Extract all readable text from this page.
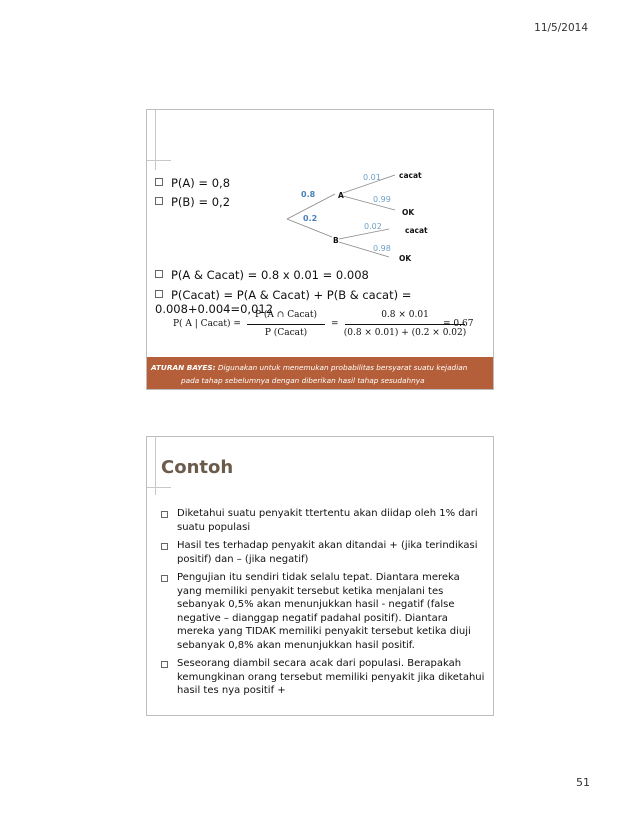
11/5/2014
P(A) = 0,8
P(B) = 0,2
0.8
0.2
A
B
0.01 cacat
0.99
OK
0.02	cacat
0.98
OK
P(A & Cacat) = 0.8 x 0.01 = 0.008
P(Cacat) = P(A & Cacat) + P(B & cacat) = 0.008+0.004=0,012
P( A | Cacat) =
P (A ∩ Cacat)
P (Cacat)
=
0.8 × 0.01
(0.8 × 0.01) + (0.2 × 0.02)
= 0.67
ATURAN BAYES: Digunakan untuk menemukan probabilitas bersyarat suatu kejadian
pada tahap sebelumnya dengan diberikan hasil tahap sesudahnya
Contoh
Diketahui suatu penyakit ttertentu akan diidap oleh 1% dari suatu populasi
Hasil tes terhadap penyakit akan ditandai + (jika terindikasi positif) dan – (jika negatif)
Pengujian itu sendiri tidak selalu tepat. Diantara mereka yang memiliki penyakit tersebut ketika menjalani tes sebanyak 0,5% akan menunjukkan hasil - negatif (false negative – dianggap negatif padahal positif). Diantara mereka yang TIDAK memiliki penyakit tersebut ketika diuji sebanyak 0,8% akan menunjukkan hasil positif.
Seseorang diambil secara acak dari populasi. Berapakah kemungkinan orang tersebut memiliki penyakit jika diketahui hasil tes nya positif +
51
